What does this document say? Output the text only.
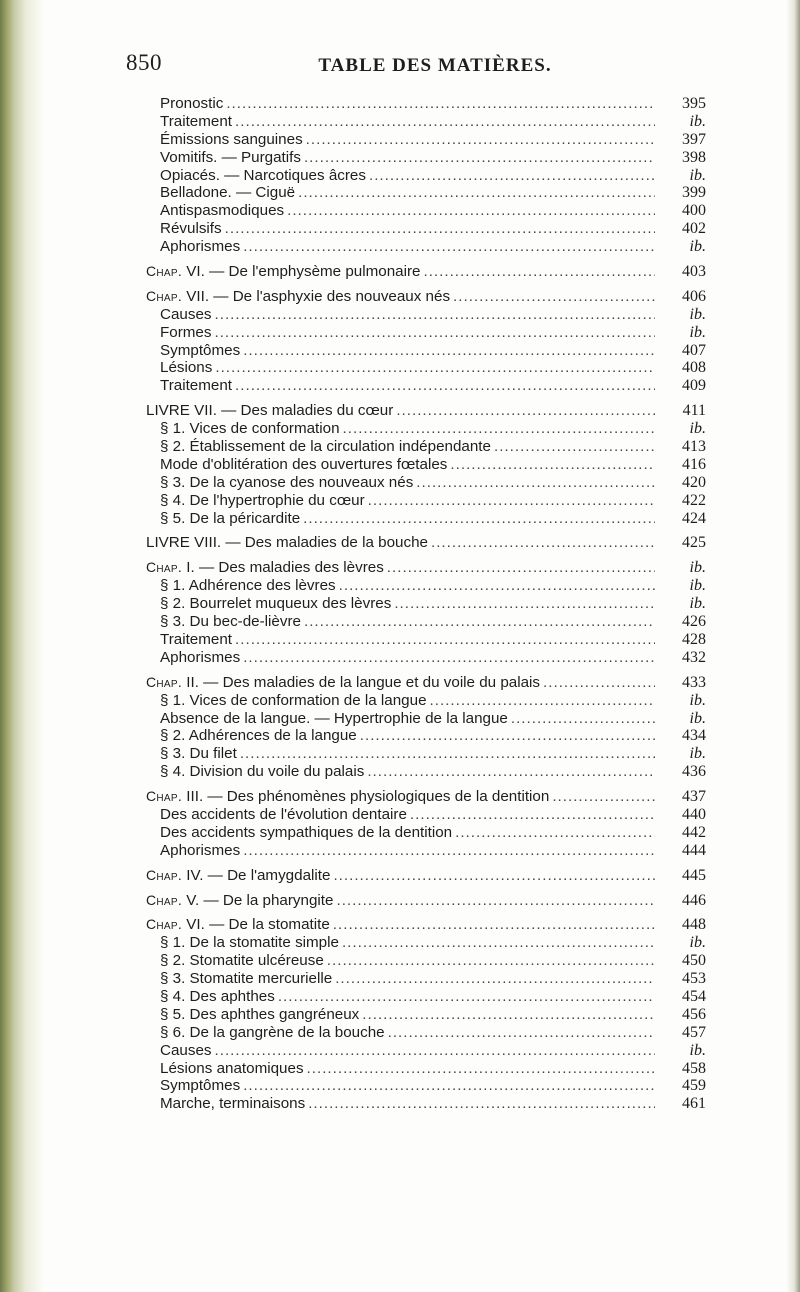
850	TABLE DES MATIÈRES.
Pronostic .....	395
Traitement .....	ib.
Émissions sanguines .....	397
Vomitifs. — Purgatifs .....	398
Opiacés. — Narcotiques âcres .....	ib.
Belladone. — Ciguë .....	399
Antispasmodiques .....	400
Révulsifs .....	402
Aphorismes .....	ib.
Chap. VI. — De l'emphysème pulmonaire .....	403
Chap. VII. — De l'asphyxie des nouveaux nés .....	406
Causes .....	ib.
Formes .....	ib.
Symptômes .....	407
Lésions .....	408
Traitement .....	409
LIVRE VII. — Des maladies du cœur .....	411
§ 1. Vices de conformation .....	ib.
§ 2. Établissement de la circulation indépendante .....	413
Mode d'oblitération des ouvertures fœtales .....	416
§ 3. De la cyanose des nouveaux nés .....	420
§ 4. De l'hypertrophie du cœur .....	422
§ 5. De la péricardite .....	424
LIVRE VIII. — Des maladies de la bouche .....	425
Chap. I. — Des maladies des lèvres .....	ib.
§ 1. Adhérence des lèvres .....	ib.
§ 2. Bourrelet muqueux des lèvres .....	ib.
§ 3. Du bec-de-lièvre .....	426
Traitement .....	428
Aphorismes .....	432
Chap. II. — Des maladies de la langue et du voile du palais .....	433
§ 1. Vices de conformation de la langue .....	ib.
Absence de la langue. — Hypertrophie de la langue .....	ib.
§ 2. Adhérences de la langue .....	434
§ 3. Du filet .....	ib.
§ 4. Division du voile du palais .....	436
Chap. III. — Des phénomènes physiologiques de la dentition .....	437
Des accidents de l'évolution dentaire .....	440
Des accidents sympathiques de la dentition .....	442
Aphorismes .....	444
Chap. IV. — De l'amygdalite .....	445
Chap. V. — De la pharyngite .....	446
Chap. VI. — De la stomatite .....	448
§ 1. De la stomatite simple .....	ib.
§ 2. Stomatite ulcéreuse .....	450
§ 3. Stomatite mercurielle .....	453
§ 4. Des aphthes .....	454
§ 5. Des aphthes gangréneux .....	456
§ 6. De la gangrène de la bouche .....	457
Causes .....	ib.
Lésions anatomiques .....	458
Symptômes .....	459
Marche, terminaisons .....	461
